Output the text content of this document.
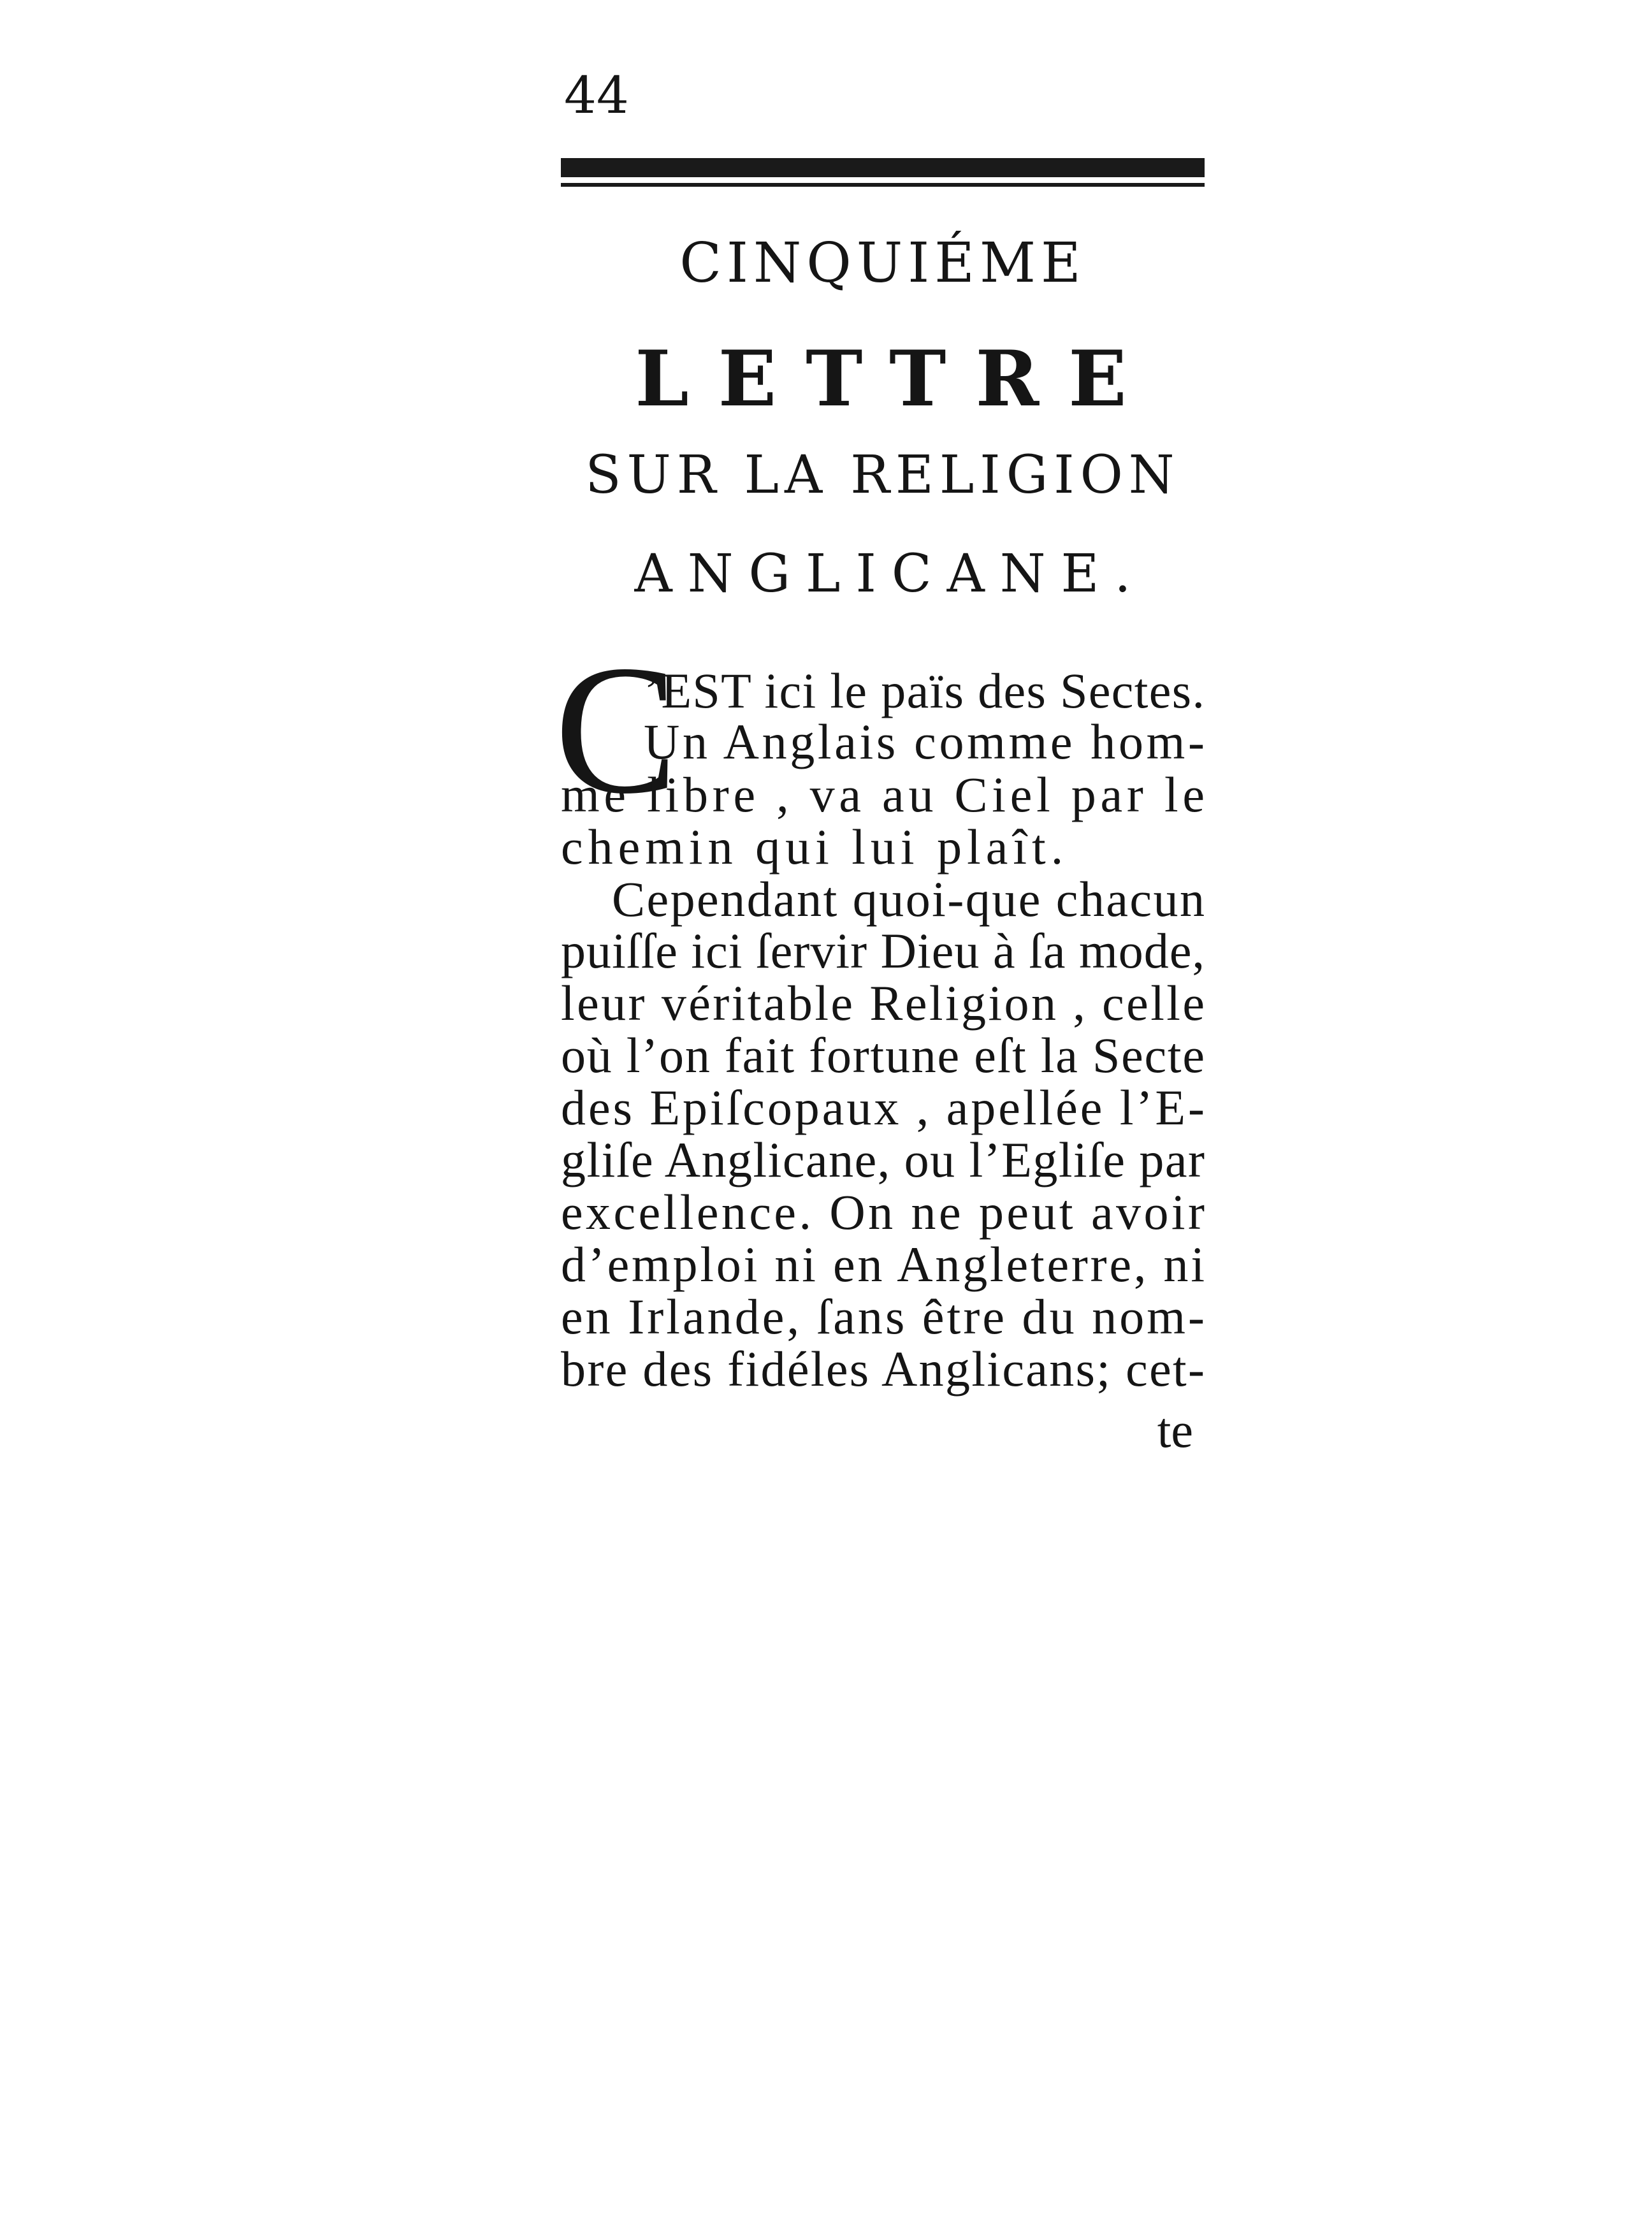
44
CINQUIÉME
LETTRE
SUR LA RELIGION
ANGLICANE.
C
’EST ici le païs des Sectes.
Un Anglais comme hom-
me libre , va au Ciel par le
chemin qui lui plaît.
Cependant quoi-que chacun
puiſſe ici ſervir Dieu à ſa mode,
leur véritable Religion , celle
où l’on fait fortune eſt la Secte
des Epiſcopaux , apellée l’E-
gliſe Anglicane, ou l’Egliſe par
excellence. On ne peut avoir
d’emploi ni en Angleterre, ni
en Irlande, ſans être du nom-
bre des fidéles Anglicans; cet-
te
